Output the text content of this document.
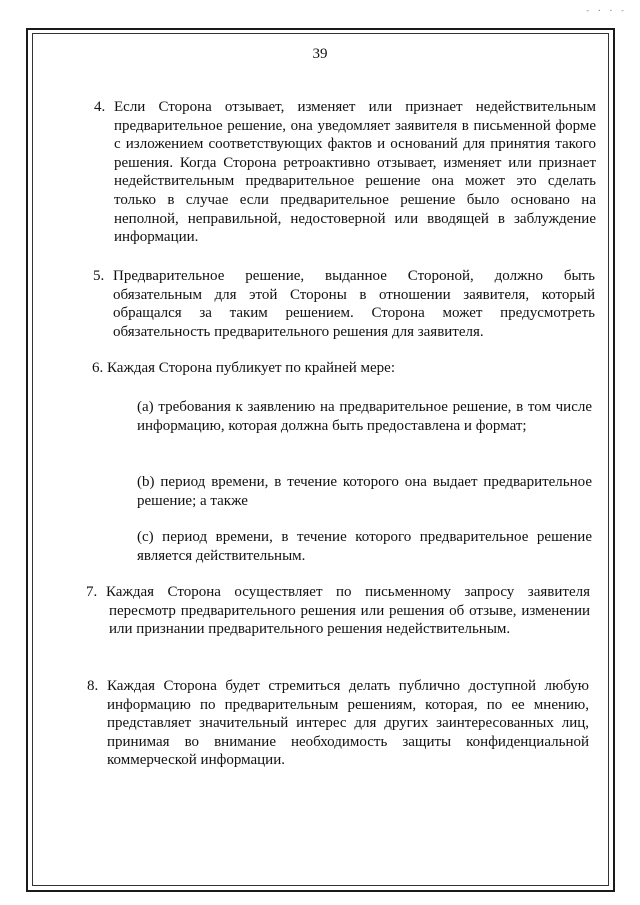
- · · -
39
4. Если Сторона отзывает, изменяет или признает недействительным предварительное решение, она уведомляет заявителя в письменной форме с изложением соответствующих фактов и оснований для принятия такого решения. Когда Сторона ретроактивно отзывает, изменяет или признает недействительным предварительное решение она может это сделать только в случае если предварительное решение было основано на неполной, неправильной, недостоверной или вводящей в заблуждение информации.
5. Предварительное решение, выданное Стороной, должно быть обязательным для этой Стороны в отношении заявителя, который обращался за таким решением. Сторона может предусмотреть обязательность предварительного решения для заявителя.
6. Каждая Сторона публикует по крайней мере:
(a) требования к заявлению на предварительное решение, в том числе информацию, которая должна быть предоставлена и формат;
(b) период времени, в течение которого она выдает предварительное решение; а также
(c) период времени, в течение которого предварительное решение является действительным.
7. Каждая Сторона осуществляет по письменному запросу заявителя пересмотр предварительного решения или решения об отзыве, изменении или признании предварительного решения недействительным.
8. Каждая Сторона будет стремиться делать публично доступной любую информацию по предварительным решениям, которая, по ее мнению, представляет значительный интерес для других заинтересованных лиц, принимая во внимание необходимость защиты конфиденциальной коммерческой информации.
